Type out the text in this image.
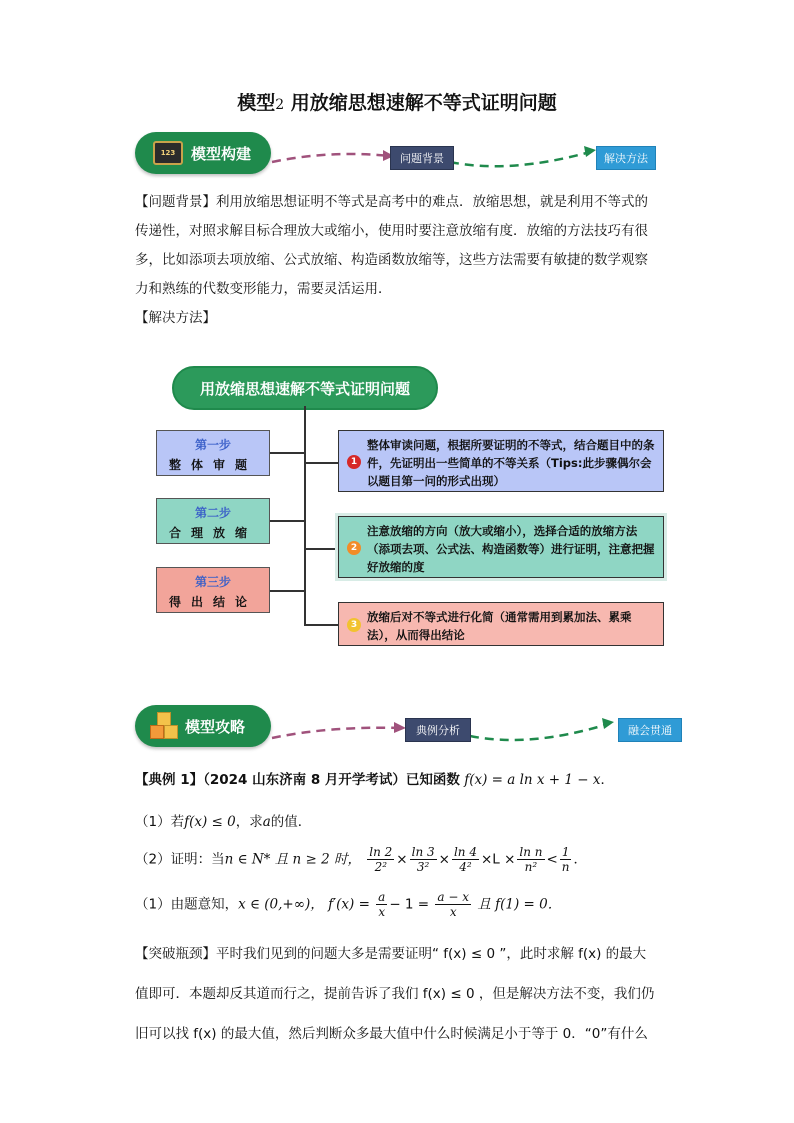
模型2 用放缩思想速解不等式证明问题
123 模型构建	问题背景	解决方法

【问题背景】利用放缩思想证明不等式是高考中的难点．放缩思想，就是利用不等式的

传递性，对照求解目标合理放大或缩小，使用时要注意放缩有度．放缩的方法技巧有很

多，比如添项去项放缩、公式放缩、构造函数放缩等，这些方法需要有敏捷的数学观察

力和熟练的代数变形能力，需要灵活运用．

【解决方法】

用放缩思想速解不等式证明问题
第一步
整体审题
第二步
合理放缩
第三步
得出结论
1
整体审读问题，根据所要证明的不等式，结合题目中的条件，先证明出一些简单的不等关系（Tips:此步骤偶尔会以题目第一问的形式出现）
2
注意放缩的方向（放大或缩小），选择合适的放缩方法（添项去项、公式法、构造函数等）进行证明，注意把握好放缩的度
3
放缩后对不等式进行化简（通常需用到累加法、累乘法），从而得出结论
模型攻略	典例分析	融会贯通
【典例 1】（2024 山东济南 8 月开学考试）已知函数 f(x) = a ln x + 1 − x．
（1）若f(x) ≤ 0，求a的值．
（2）证明：当n ∈ N* 且 n ≥ 2 时， $\frac{\ln 2}{\text{2²}} \times \frac{\ln 3}{\text{3²}} \times \frac{\ln 4}{\text{4²}} \times L \times \frac{\text{ln n}}{\text{n²}} < \frac{1}{n}$ ．
（1）由题意知，x ∈ (0,+∞)， $f'(x) = \frac{a}{x} - 1 = \frac{a - x}{x}$ 且 f(1) = 0．

【突破瓶颈】平时我们见到的问题大多是需要证明“ f(x) ≤ 0 ”，此时求解 f(x) 的最大

值即可．本题却反其道而行之，提前告诉了我们 f(x) ≤ 0 ，但是解决方法不变，我们仍

旧可以找 f(x) 的最大值，然后判断众多最大值中什么时候满足小于等于 0．“0”有什么
